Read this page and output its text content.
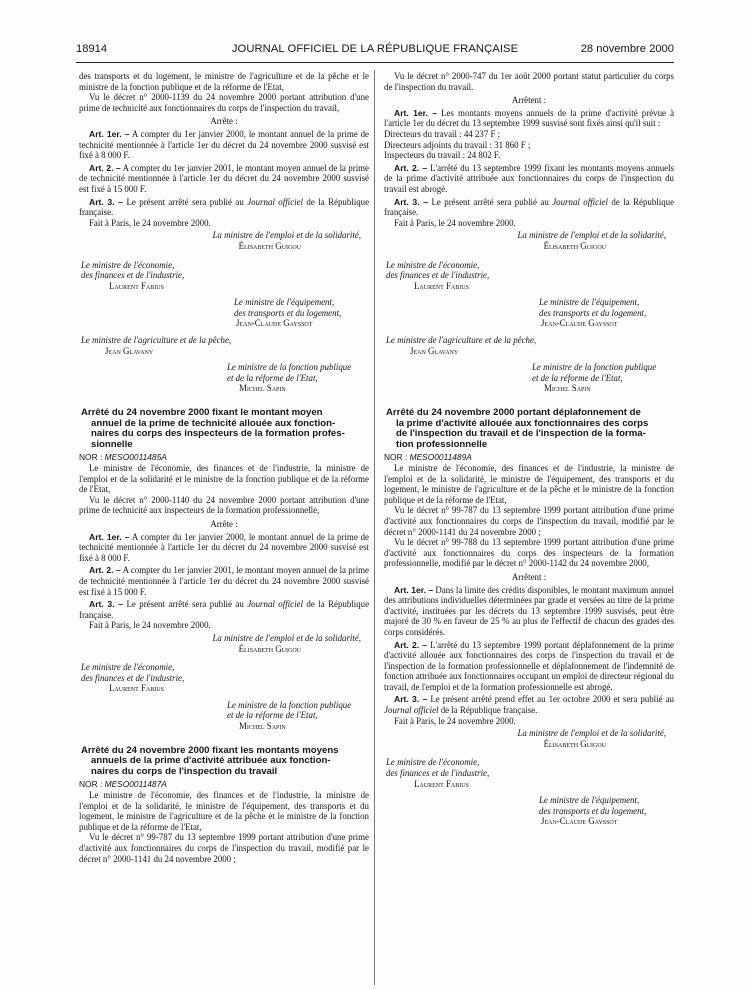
18914	JOURNAL OFFICIEL DE LA RÉPUBLIQUE FRANÇAISE	28 novembre 2000

des transports et du logement, le ministre de l'agriculture et de la pêche et le ministre de la fonction publique et de la réforme de l'Etat,

Vu le décret n° 2000-1139 du 24 novembre 2000 portant attribution d'une prime de technicité aux fonctionnaires du corps de l'inspection du travail,

Arrête :

Art. 1er. – A compter du 1er janvier 2000, le montant annuel de la prime de technicité mentionnée à l'article 1er du décret du 24 novembre 2000 susvisé est fixé à 8 000 F.

Art. 2. – A compter du 1er janvier 2001, le montant moyen annuel de la prime de technicité mentionnée à l'article 1er du décret du 24 novembre 2000 susvisé est fixé à 15 000 F.

Art. 3. – Le présent arrêté sera publié au Journal officiel de la République française.

Fait à Paris, le 24 novembre 2000.

La ministre de l'emploi et de la solidarité,
Élisabeth Guigou
Le ministre de l'économie,
des finances et de l'industrie,
Laurent Fabius
Le ministre de l'équipement,
des transports et du logement,
Jean-Claude Gayssot
Le ministre de l'agriculture et de la pêche,
Jean Glavany
Le ministre de la fonction publique
et de la réforme de l'Etat,
Michel Sapin
Arrêté du 24 novembre 2000 fixant le montant moyen
annuel de la prime de technicité allouée aux fonction-
naires du corps des inspecteurs de la formation profes-
sionnelle

NOR : MESO0011485A

Le ministre de l'économie, des finances et de l'industrie, la ministre de l'emploi et de la solidarité et le ministre de la fonction publique et de la réforme de l'Etat,

Vu le décret n° 2000-1140 du 24 novembre 2000 portant attribution d'une prime de technicité aux inspecteurs de la formation professionnelle,

Arrête :

Art. 1er. – A compter du 1er janvier 2000, le montant annuel de la prime de technicité mentionnée à l'article 1er du décret du 24 novembre 2000 susvisé est fixé à 8 000 F.

Art. 2. – A compter du 1er janvier 2001, le montant moyen annuel de la prime de technicité mentionnée à l'article 1er du décret du 24 novembre 2000 susvisé est fixé à 15 000 F.

Art. 3. – Le présent arrêté sera publié au Journal officiel de la République française.

Fait à Paris, le 24 novembre 2000.

La ministre de l'emploi et de la solidarité,
Élisabeth Guigou
Le ministre de l'économie,
des finances et de l'industrie,
Laurent Fabius
Le ministre de la fonction publique
et de la réforme de l'Etat,
Michel Sapin
Arrêté du 24 novembre 2000 fixant les montants moyens
annuels de la prime d'activité attribuée aux fonction-
naires du corps de l'inspection du travail

NOR : MESO0011487A

Le ministre de l'économie, des finances et de l'industrie, la ministre de l'emploi et de la solidarité, le ministre de l'équipement, des transports et du logement, le ministre de l'agriculture et de la pêche et le ministre de la fonction publique et de la réforme de l'Etat,

Vu le décret n° 99-787 du 13 septembre 1999 portant attribution d'une prime d'activité aux fonctionnaires du corps de l'inspection du travail, modifié par le décret n° 2000-1141 du 24 novembre 2000 ;

Vu le décret n° 2000-747 du 1er août 2000 portant statut particulier du corps de l'inspection du travail.

Arrêtent :

Art. 1er. – Les montants moyens annuels de la prime d'activité prévue à l'article 1er du décret du 13 septembre 1999 susvisé sont fixés ainsi qu'il suit :

Directeurs du travail : 44 237 F ;

Directeurs adjoints du travail : 31 860 F ;

Inspecteurs du travail : 24 802 F.

Art. 2. – L'arrêté du 13 septembre 1999 fixant les montants moyens annuels de la prime d'activité attribuée aux fonctionnaires du corps de l'inspection du travail est abrogé.

Art. 3. – Le présent arrêté sera publié au Journal officiel de la République française.

Fait à Paris, le 24 novembre 2000.

La ministre de l'emploi et de la solidarité,
Élisabeth Guigou
Le ministre de l'économie,
des finances et de l'industrie,
Laurent Fabius
Le ministre de l'équipement,
des transports et du logement,
Jean-Claude Gayssot
Le ministre de l'agriculture et de la pêche,
Jean Glavany
Le ministre de la fonction publique
et de la réforme de l'Etat,
Michel Sapin
Arrêté du 24 novembre 2000 portant déplafonnement de
la prime d'activité allouée aux fonctionnaires des corps
de l'inspection du travail et de l'inspection de la forma-
tion professionnelle

NOR : MESO0011489A

Le ministre de l'économie, des finances et de l'industrie, la ministre de l'emploi et de la solidarité, le ministre de l'équipement, des transports et du logement, le ministre de l'agriculture et de la pêche et le ministre de la fonction publique et de la réforme de l'Etat,

Vu le décret n° 99-787 du 13 septembre 1999 portant attribution d'une prime d'activité aux fonctionnaires du corps de l'inspection du travail, modifié par le décret n° 2000-1141 du 24 novembre 2000 ;

Vu le décret n° 99-788 du 13 septembre 1999 portant attribution d'une prime d'activité aux fonctionnaires du corps des inspecteurs de la formation professionnelle, modifié par le décret n° 2000-1142 du 24 novembre 2000,

Arrêtent :

Art. 1er. – Dans la limite des crédits disponibles, le montant maximum annuel des attributions individuelles déterminées par grade et versées au titre de la prime d'activité, instituées par les décrets du 13 septembre 1999 susvisés, peut être majoré de 30 % en faveur de 25 % au plus de l'effectif de chacun des grades des corps considérés.

Art. 2. – L'arrêté du 13 septembre 1999 portant déplafonnement de la prime d'activité allouée aux fonctionnaires des corps de l'inspection du travail et de l'inspection de la formation professionnelle et déplafonnement de l'indemnité de fonction attribuée aux fonctionnaires occupant un emploi de directeur régional du travail, de l'emploi et de la formation professionnelle est abrogé.

Art. 3. – Le présent arrêté prend effet au 1er octobre 2000 et sera publié au Journal officiel de la République française.

Fait à Paris, le 24 novembre 2000.

La ministre de l'emploi et de la solidarité,
Élisabeth Guigou
Le ministre de l'économie,
des finances et de l'industrie,
Laurent Fabius
Le ministre de l'équipement,
des transports et du logement,
Jean-Claude Gayssot
